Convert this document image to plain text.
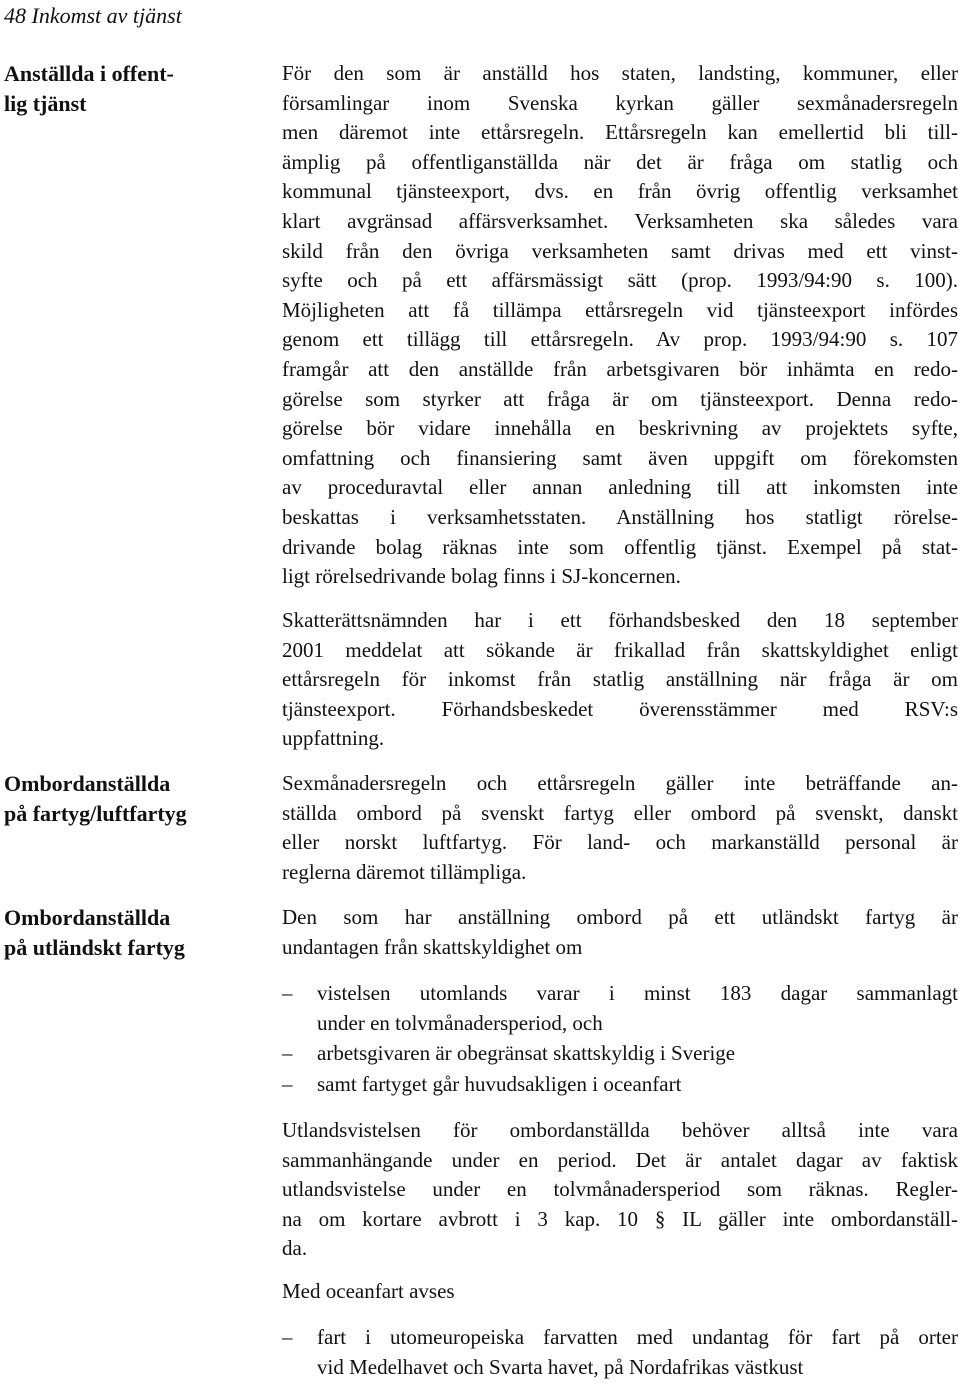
48 Inkomst av tjänst
Anställda i offent-
lig tjänst
Ombordanställda
på fartyg/luftfartyg
Ombordanställda
på utländskt fartyg
För den som är anställd hos staten, landsting, kommuner, eller
församlingar inom Svenska kyrkan gäller sexmånadersregeln
men däremot inte ettårsregeln. Ettårsregeln kan emellertid bli till-
ämplig på offentliganställda när det är fråga om statlig och
kommunal tjänsteexport, dvs. en från övrig offentlig verksamhet
klart avgränsad affärsverksamhet. Verksamheten ska således vara
skild från den övriga verksamheten samt drivas med ett vinst-
syfte och på ett affärsmässigt sätt (prop. 1993/94:90 s. 100).
Möjligheten att få tillämpa ettårsregeln vid tjänsteexport infördes
genom ett tillägg till ettårsregeln. Av prop. 1993/94:90 s. 107
framgår att den anställde från arbetsgivaren bör inhämta en redo-
görelse som styrker att fråga är om tjänsteexport. Denna redo-
görelse bör vidare innehålla en beskrivning av projektets syfte,
omfattning och finansiering samt även uppgift om förekomsten
av proceduravtal eller annan anledning till att inkomsten inte
beskattas i verksamhetsstaten. Anställning hos statligt rörelse-
drivande bolag räknas inte som offentlig tjänst. Exempel på stat-
ligt rörelsedrivande bolag finns i SJ-koncernen.
Skatterättsnämnden har i ett förhandsbesked den 18 september
2001 meddelat att sökande är frikallad från skattskyldighet enligt
ettårsregeln för inkomst från statlig anställning när fråga är om
tjänsteexport. Förhandsbeskedet överensstämmer med RSV:s
uppfattning.
Sexmånadersregeln och ettårsregeln gäller inte beträffande an-
ställda ombord på svenskt fartyg eller ombord på svenskt, danskt
eller norskt luftfartyg. För land- och markanställd personal är
reglerna däremot tillämpliga.
Den som har anställning ombord på ett utländskt fartyg är
undantagen från skattskyldighet om
–	vistelsen utomlands varar i minst 183 dagar sammanlagt
under en tolvmånadersperiod, och
–	arbetsgivaren är obegränsat skattskyldig i Sverige
–	samt fartyget går huvudsakligen i oceanfart
Utlandsvistelsen för ombordanställda behöver alltså inte vara
sammanhängande under en period. Det är antalet dagar av faktisk
utlandsvistelse under en tolvmånadersperiod som räknas. Regler-
na om kortare avbrott i 3 kap. 10 § IL gäller inte ombordanställ-
da.
Med oceanfart avses
–	fart i utomeuropeiska farvatten med undantag för fart på orter
vid Medelhavet och Svarta havet, på Nordafrikas västkust
